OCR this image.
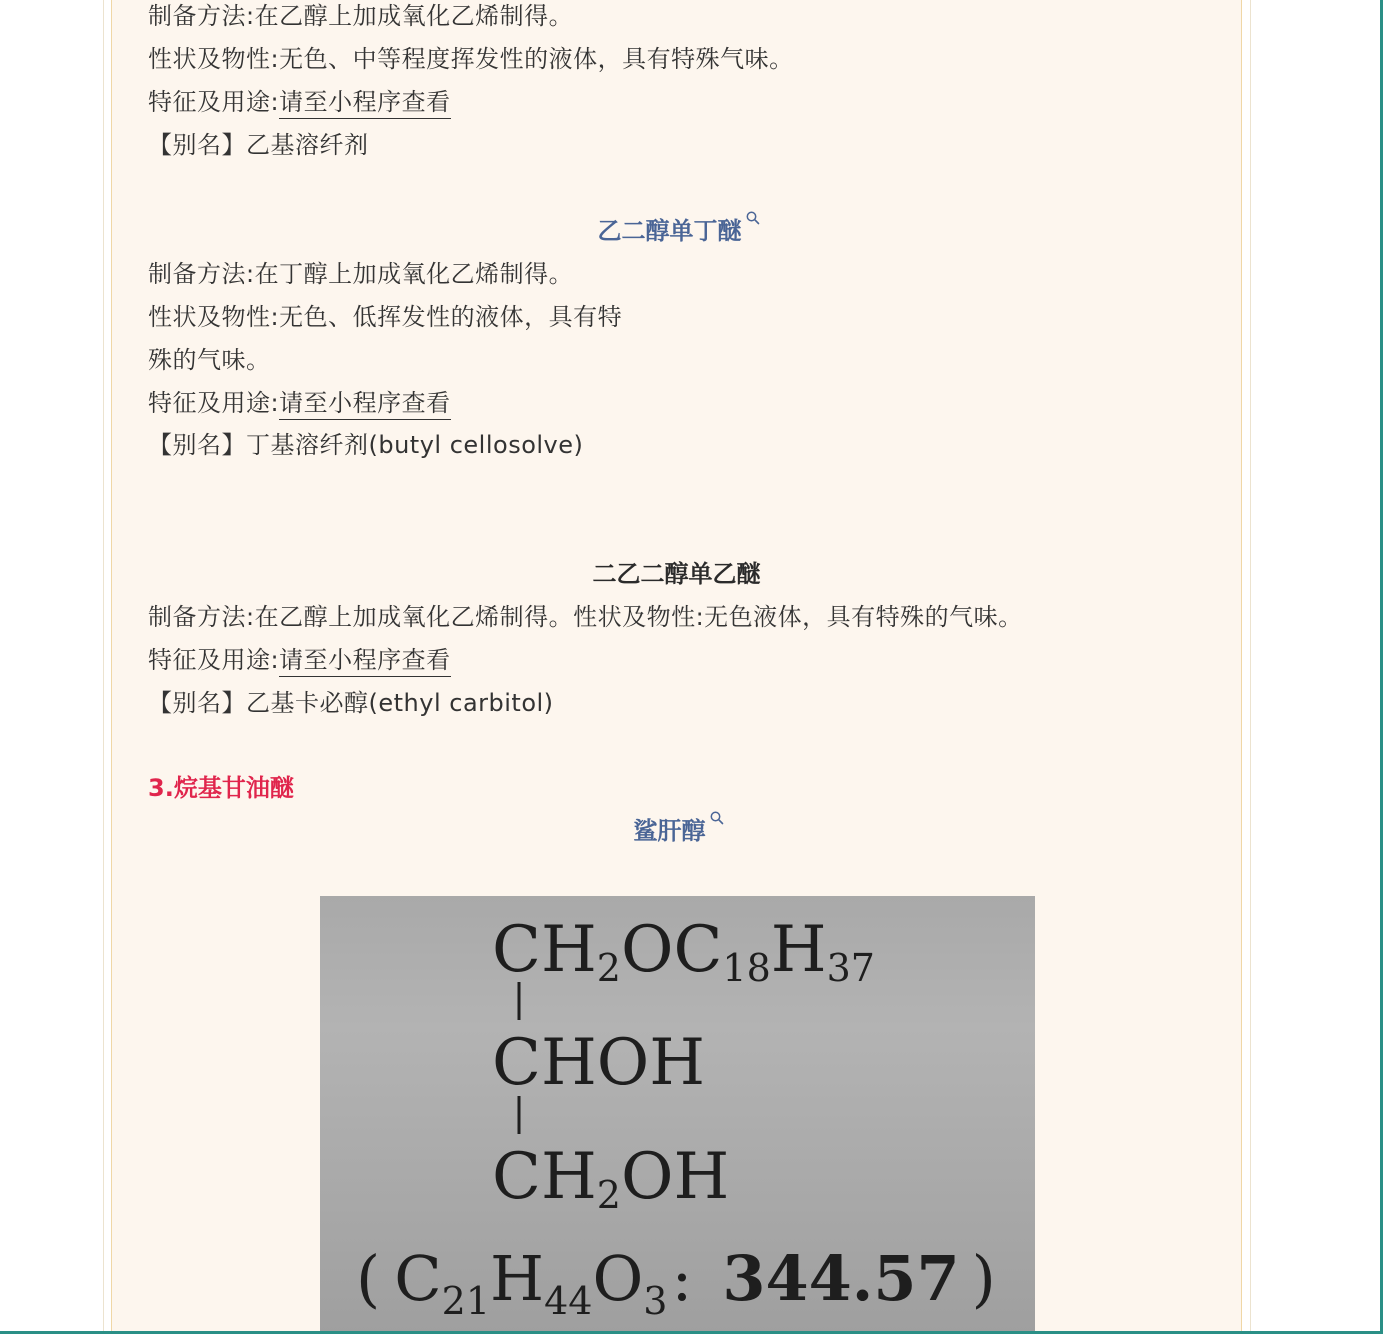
制备方法:在乙醇上加成氧化乙烯制得。

性状及物性:无色、中等程度挥发性的液体，具有特殊气味。

特征及用途:请至小程序查看

【别名】乙基溶纤剂

乙二醇单丁醚

制备方法:在丁醇上加成氧化乙烯制得。

性状及物性:无色、低挥发性的液体，具有特

殊的气味。

特征及用途:请至小程序查看

【别名】丁基溶纤剂(butyl cellosolve)

二乙二醇单乙醚

制备方法:在乙醇上加成氧化乙烯制得。性状及物性:无色液体，具有特殊的气味。

特征及用途:请至小程序查看

【别名】乙基卡必醇(ethyl carbitol)

3.烷基甘油醚

鲨肝醇

CH2OC18H37
CHOH
CH2OH
( C21H44O3: 344.57 )
